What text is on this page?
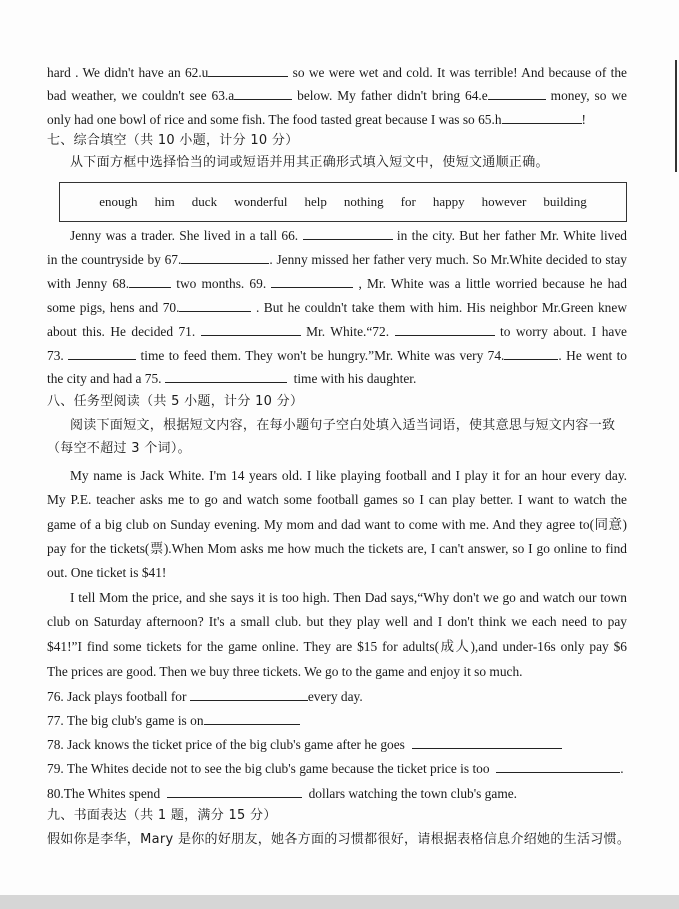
hard . We didn't have an 62.u	so we were wet and cold. It was terrible! And because of the
bad weather, we couldn't see 63.a	below. My father didn't bring 64.e	money, so we
only had one bowl of rice and some fish. The food tasted great because I was so 65.h	!
七、综合填空（共 10 小题，计分 10 分）
从下面方框中选择恰当的词或短语并用其正确形式填入短文中，使短文通顺正确。
enough him duck wonderful help nothing for happy however building
Jenny was a trader. She lived in a tall 66.	in the city. But her father Mr. White lived
in the countryside by 67.	. Jenny missed her father very much. So Mr.White decided to stay
with Jenny 68.	two months. 69.	, Mr. White was a little worried because he had
some pigs, hens and 70.	. But he couldn't take them with him. His neighbor Mr.Green knew
about this. He decided 71.	Mr. White.“72.	to worry about. I have
73.	time to feed them. They won't be hungry.”Mr. White was very 74.	. He went to
the city and had a 75.	time with his daughter.
八、任务型阅读（共 5 小题，计分 10 分）
阅读下面短文，根据短文内容，在每小题句子空白处填入适当词语，使其意思与短文内容一致
（每空不超过 3 个词）。
My name is Jack White. I'm 14 years old. I like playing football and I play it for an hour every day.
My P.E. teacher asks me to go and watch some football games so I can play better. I want to watch the
game of a big club on Sunday evening. My mom and dad want to come with me. And they agree to(同意)
pay for the tickets(票).When Mom asks me how much the tickets are, I can't answer, so I go online to find
out. One ticket is $41!
I tell Mom the price, and she says it is too high. Then Dad says,“Why don't we go and watch our town
club on Saturday afternoon? It's a small club. but they play well and I don't think we each need to pay
$41!”I find some tickets for the game online. They are $15 for adults(成人),and under-16s only pay $6
The prices are good. Then we buy three tickets. We go to the game and enjoy it so much.
76. Jack plays football for	every day.
77. The big club's game is on
78. Jack knows the ticket price of the big club's game after he goes
79. The Whites decide not to see the big club's game because the ticket price is too	.
80.The Whites spend	dollars watching the town club's game.
九、书面表达（共 1 题，满分 15 分）
假如你是李华，Mary 是你的好朋友，她各方面的习惯都很好，请根据表格信息介绍她的生活习惯。
